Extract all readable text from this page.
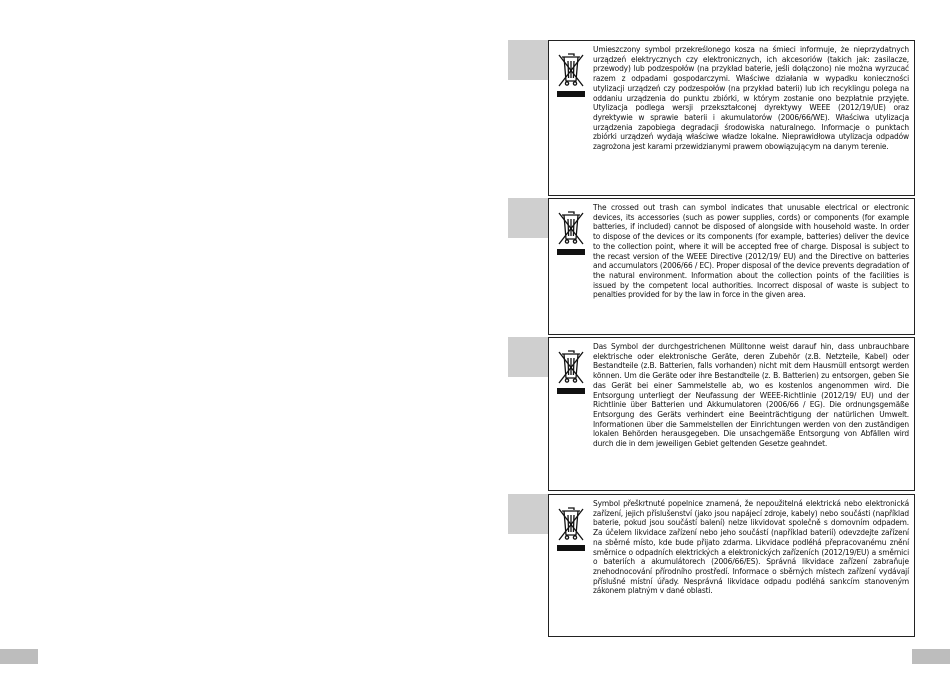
Umieszczony symbol przekreślonego kosza na śmieci informuje, że nieprzydatnych urządzeń elektrycznych czy elektronicznych, ich akcesoriów (takich jak: zasilacze, przewody) lub podzespołów (na przykład baterie, jeśli dołączono) nie można wyrzucać razem z odpadami gospodarczymi. Właściwe działania w wypadku konieczności utylizacji urządzeń czy podzespołów (na przykład baterii) lub ich recyklingu polega na oddaniu urządzenia do punktu zbiórki, w którym zostanie ono bezpłatnie przyjęte. Utylizacja podlega wersji przekształconej dyrektywy WEEE (2012/19/UE) oraz dyrektywie w sprawie baterii i akumulatorów (2006/66/WE). Właściwa utylizacja urządzenia zapobiega degradacji środowiska naturalnego. Informacje o punktach zbiórki urządzeń wydają właściwe władze lokalne. Nieprawidłowa utylizacja odpadów zagrożona jest karami przewidzianymi prawem obowiązującym na danym terenie.
The crossed out trash can symbol indicates that unusable electrical or electronic devices, its accessories (such as power supplies, cords) or components (for example batteries, if included) cannot be disposed of alongside with household waste. In order to dispose of the devices or its components (for example, batteries) deliver the device to the collection point, where it will be accepted free of charge. Disposal is subject to the recast version of the WEEE Directive (2012/19/ EU) and the Directive on batteries and accumulators (2006/66 / EC). Proper disposal of the device prevents degradation of the natural environment. Information about the collection points of the facilities is issued by the competent local authorities. Incorrect disposal of waste is subject to penalties provided for by the law in force in the given area.
Das Symbol der durchgestrichenen Mülltonne weist darauf hin, dass unbrauchbare elektrische oder elektronische Geräte, deren Zubehör (z.B. Netzteile, Kabel) oder Bestandteile (z.B. Batterien, falls vorhanden) nicht mit dem Hausmüll entsorgt werden können. Um die Geräte oder ihre Bestandteile (z. B. Batterien) zu entsorgen, geben Sie das Gerät bei einer Sammelstelle ab, wo es kostenlos angenommen wird. Die Entsorgung unterliegt der Neufassung der WEEE-Richtlinie (2012/19/ EU) und der Richtlinie über Batterien und Akkumulatoren (2006/66 / EG). Die ordnungsgemäße Entsorgung des Geräts verhindert eine Beeinträchtigung der natürlichen Umwelt. Informationen über die Sammelstellen der Einrichtungen werden von den zuständigen lokalen Behörden herausgegeben. Die unsachgemäße Entsorgung von Abfällen wird durch die in dem jeweiligen Gebiet geltenden Gesetze geahndet.
Symbol přeškrtnuté popelnice znamená, že nepoužitelná elektrická nebo elektronická zařízení, jejich příslušenství (jako jsou napájecí zdroje, kabely) nebo součásti (například baterie, pokud jsou součástí balení) nelze likvidovat společně s domovním odpadem. Za účelem likvidace zařízení nebo jeho součástí (například baterií) odevzdejte zařízení na sběrné místo, kde bude přijato zdarma. Likvidace podléhá přepracovanému znění směrnice o odpadních elektrických a elektronických zařízeních (2012/19/EU) a směrnici o bateriích a akumulátorech (2006/66/ES). Správná likvidace zařízení zabraňuje znehodnocování přírodního prostředí. Informace o sběrných místech zařízení vydávají příslušné místní úřady. Nesprávná likvidace odpadu podléhá sankcím stanoveným zákonem platným v dané oblasti.
